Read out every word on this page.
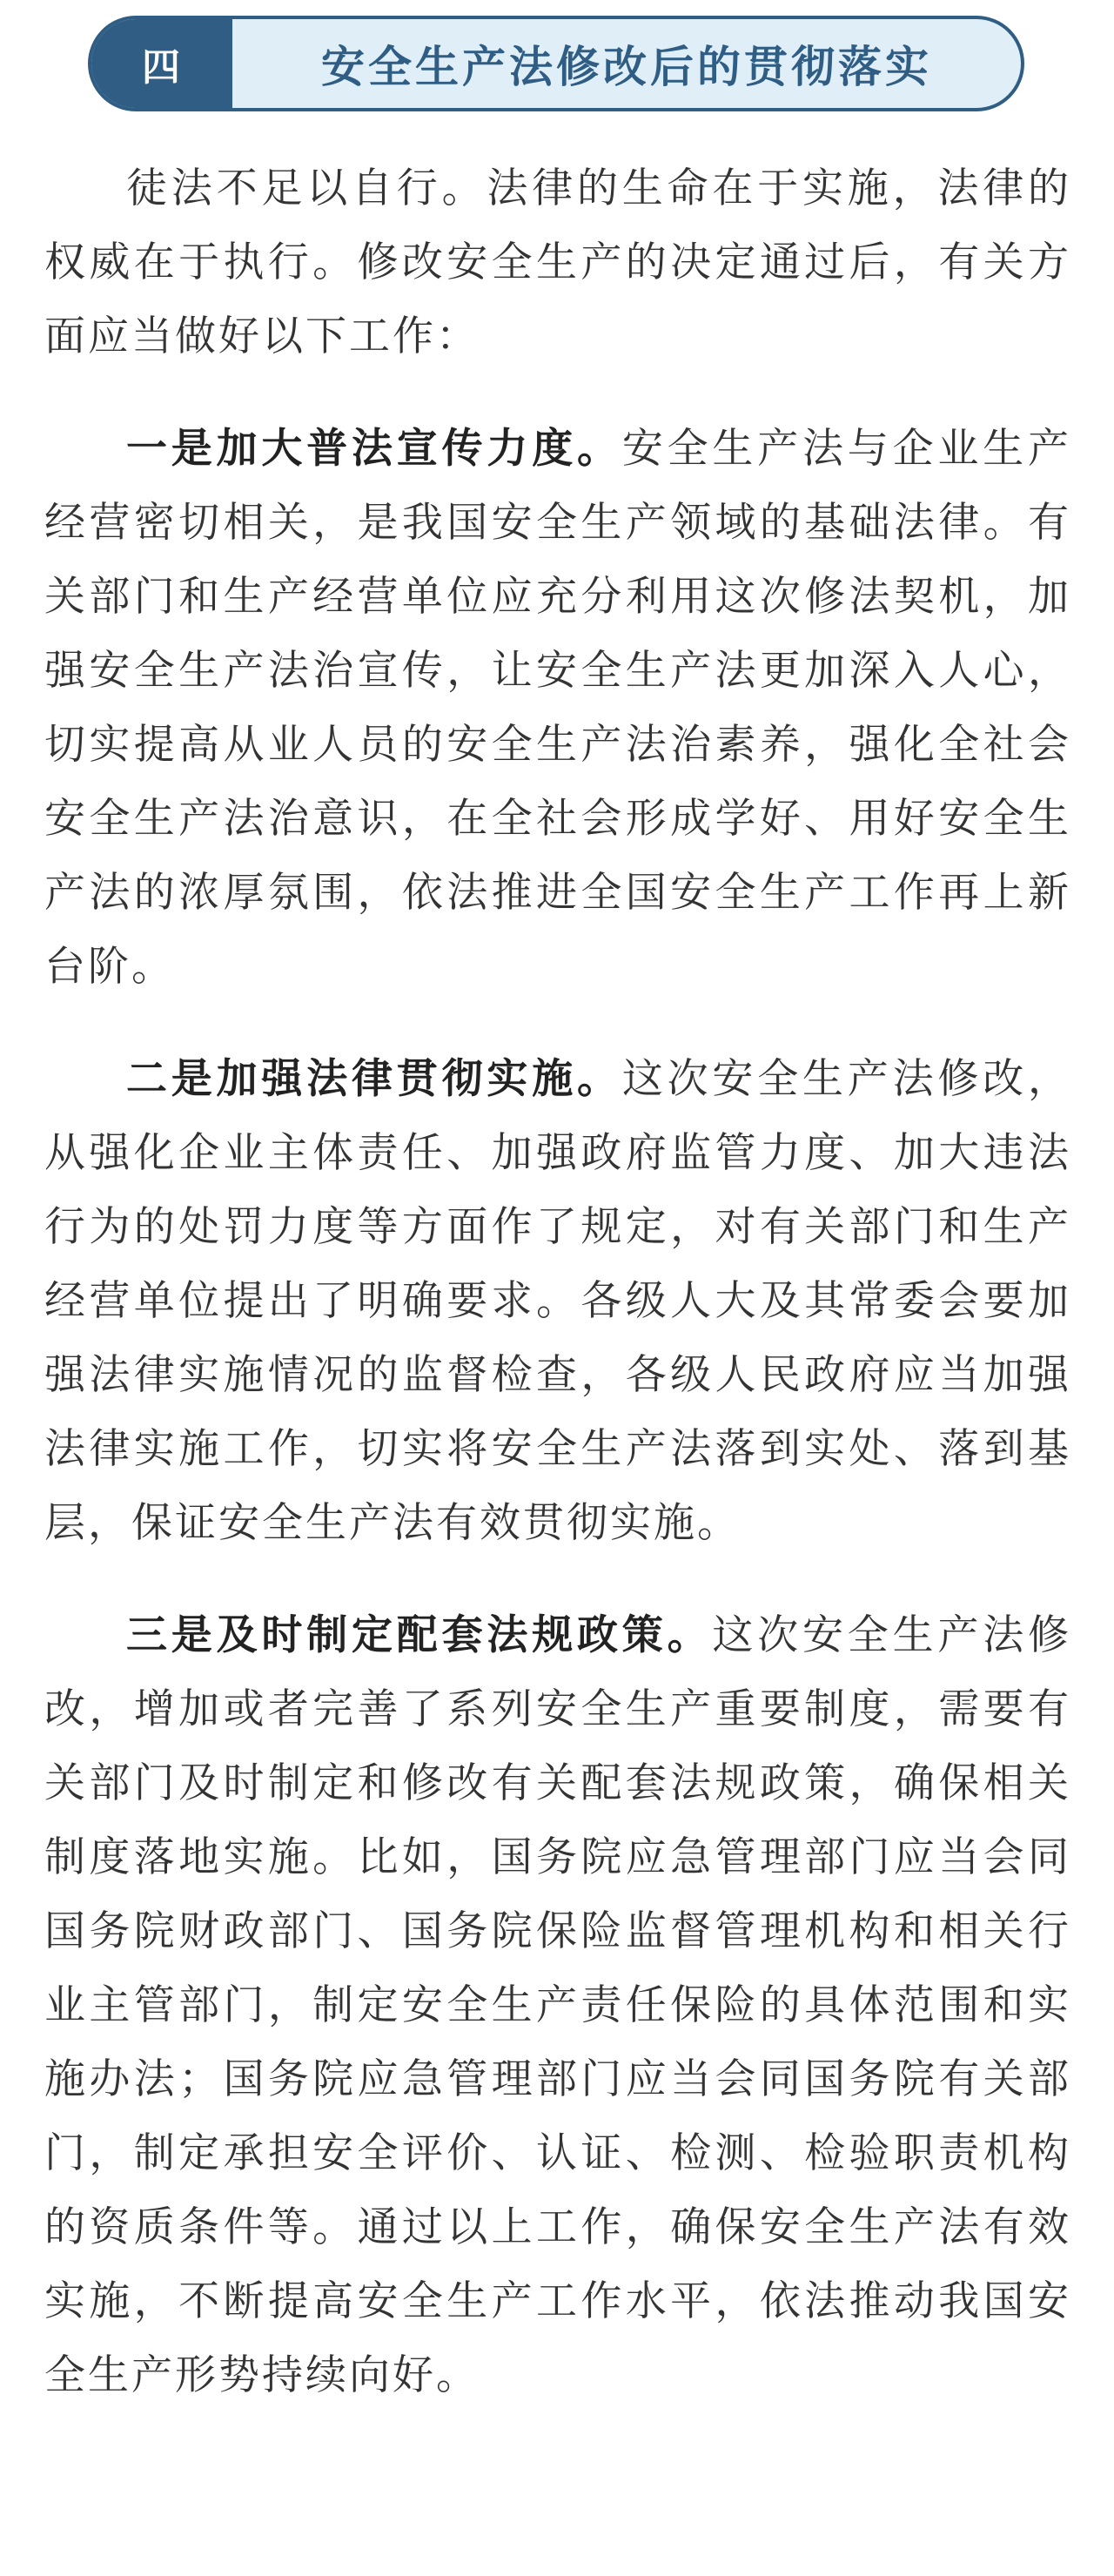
四	安全生产法修改后的贯彻落实

徒法不足以自行。法律的生命在于实施，法律的权威在于执行。修改安全生产的决定通过后，有关方面应当做好以下工作：

一是加大普法宣传力度。安全生产法与企业生产经营密切相关，是我国安全生产领域的基础法律。有关部门和生产经营单位应充分利用这次修法契机，加强安全生产法治宣传，让安全生产法更加深入人心，切实提高从业人员的安全生产法治素养，强化全社会安全生产法治意识，在全社会形成学好、用好安全生产法的浓厚氛围，依法推进全国安全生产工作再上新台阶。

二是加强法律贯彻实施。这次安全生产法修改，从强化企业主体责任、加强政府监管力度、加大违法行为的处罚力度等方面作了规定，对有关部门和生产经营单位提出了明确要求。各级人大及其常委会要加强法律实施情况的监督检查，各级人民政府应当加强法律实施工作，切实将安全生产法落到实处、落到基层，保证安全生产法有效贯彻实施。

三是及时制定配套法规政策。这次安全生产法修改，增加或者完善了系列安全生产重要制度，需要有关部门及时制定和修改有关配套法规政策，确保相关制度落地实施。比如，国务院应急管理部门应当会同国务院财政部门、国务院保险监督管理机构和相关行业主管部门，制定安全生产责任保险的具体范围和实施办法；国务院应急管理部门应当会同国务院有关部门，制定承担安全评价、认证、检测、检验职责机构的资质条件等。通过以上工作，确保安全生产法有效实施，不断提高安全生产工作水平，依法推动我国安全生产形势持续向好。
